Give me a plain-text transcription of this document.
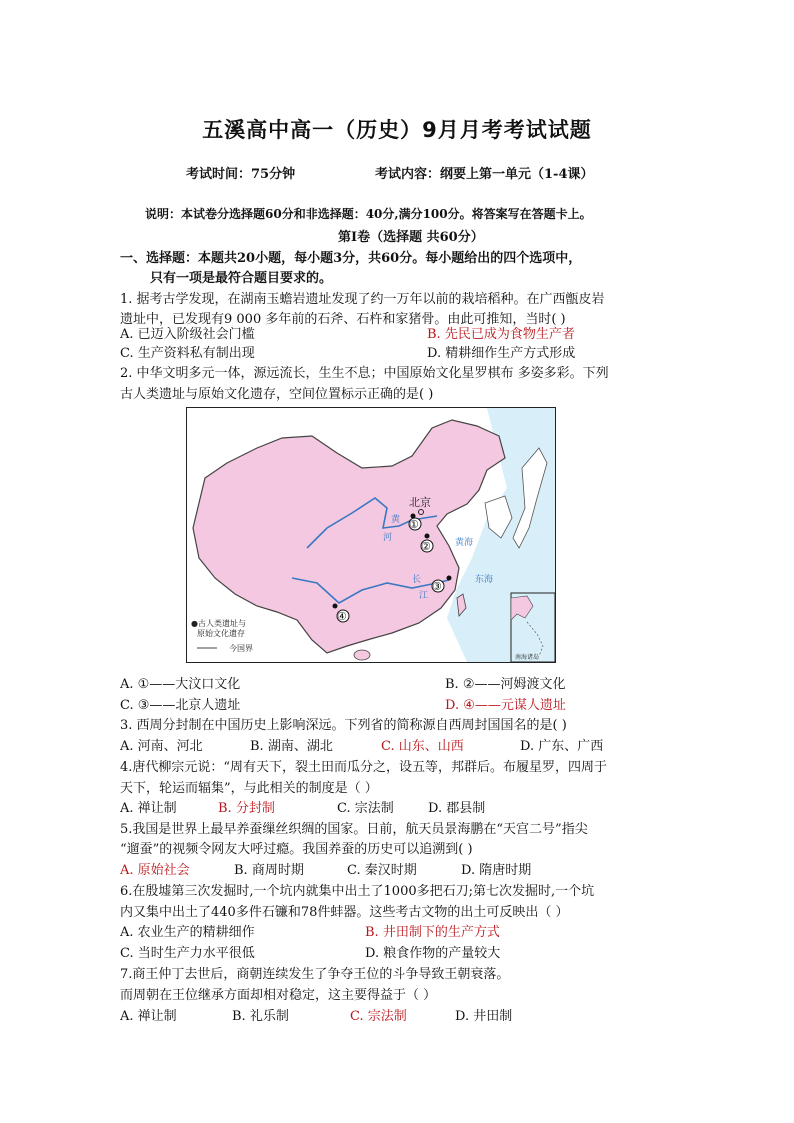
五溪高中高一（历史）9月月考考试试题
考试时间：75分钟	考试内容：纲要上第一单元（1-4课）
说明：本试卷分选择题60分和非选择题：40分,满分100分。将答案写在答题卡上。
第Ⅰ卷（选择题 共60分）
一、选择题：本题共20小题，每小题3分，共60分。每小题给出的四个选项中，
只有一项是最符合题目要求的。
1. 据考古学发现，在湖南玉蟾岩遗址发现了约一万年以前的栽培稻种。在广西甑皮岩
遗址中，已发现有9 000 多年前的石斧、石杵和家猪骨。由此可推知，当时( )
A. 已迈入阶级社会门槛	B. 先民已成为食物生产者
C. 生产资料私有制出现	D. 精耕细作生产方式形成
2. 中华文明多元一体，源远流长，生生不息；中国原始文化星罗棋布 多姿多彩。下列
古人类遗址与原始文化遗存，空间位置标示正确的是( )
北京
①
②
③
④
黄
河
长
江
黄海
东海
●古人类遗址与
原始文化遗存
今国界
南海诸岛
A. ①——大汶口文化	B. ②——河姆渡文化
C. ③——北京人遗址	D. ④——元谋人遗址
3. 西周分封制在中国历史上影响深远。下列省的简称源自西周封国国名的是( )
A. 河南、河北	B. 湖南、湖北	C. 山东、山西	D. 广东、广西
4.唐代柳宗元说：“周有天下，裂土田而瓜分之，设五等，邦群后。布履星罗，四周于
天下，轮运而辐集”，与此相关的制度是（ ）
A. 禅让制	B. 分封制	C. 宗法制	D. 郡县制
5.我国是世界上最早养蚕缫丝织绸的国家。日前，航天员景海鹏在“天宫二号”指尖
“遛蚕”的视频令网友大呼过瘾。我国养蚕的历史可以追溯到( )
A. 原始社会	B. 商周时期	C. 秦汉时期	D. 隋唐时期
6.在殷墟第三次发掘时,一个坑内就集中出土了1000多把石刀;第七次发掘时,一个坑
内又集中出土了440多件石镰和78件蚌器。这些考古文物的出土可反映出（ ）
A. 农业生产的精耕细作	B. 井田制下的生产方式
C. 当时生产力水平很低	D. 粮食作物的产量较大
7.商王仲丁去世后，商朝连续发生了争夺王位的斗争导致王朝衰落。
而周朝在王位继承方面却相对稳定，这主要得益于（ ）
A. 禅让制	B. 礼乐制	C. 宗法制	D. 井田制
